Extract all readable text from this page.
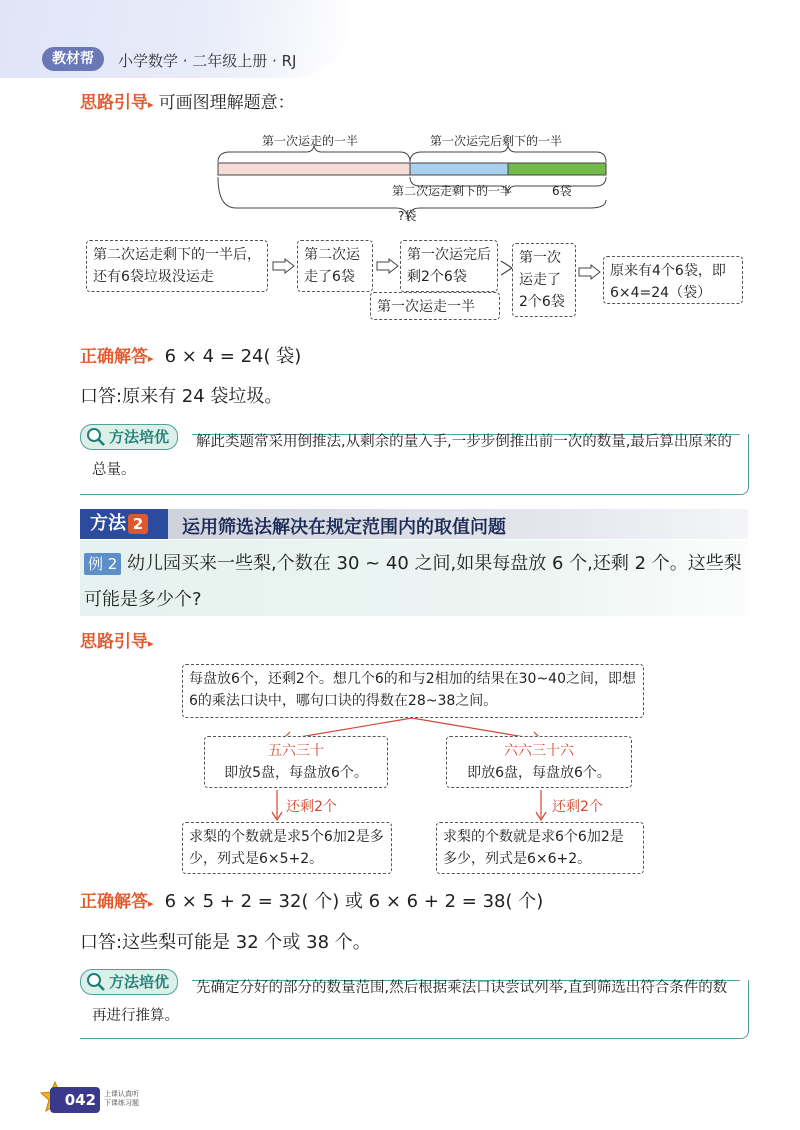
教材帮	小学数学 · 二年级上册 · RJ
思路引导▸ 可画图理解题意：
第一次运走的一半	第一次运完后剩下的一半
第二次运走剩下的一半	6袋
?袋
第二次运走剩下的一半后，还有6袋垃圾没运走
第二次运走了6袋
第一次运完后剩2个6袋
第一次运走一半
第一次运走了2个6袋
原来有4个6袋，即6×4=24（袋）
正确解答▸ 6 × 4 = 24( 袋)
口答:原来有 24 袋垃圾。
方法培优	解此类题常采用倒推法,从剩余的量入手,一步步倒推出前一次的数量,最后算出原来的总量。
方法 2	运用筛选法解决在规定范围内的取值问题
例 2 幼儿园买来一些梨,个数在 30 ~ 40 之间,如果每盘放 6 个,还剩 2 个。这些梨可能是多少个?
思路引导▸
每盘放6个，还剩2个。想几个6的和与2相加的结果在30~40之间，即想6的乘法口诀中，哪句口诀的得数在28~38之间。
五六三十
即放5盘，每盘放6个。
还剩2个
求梨的个数就是求5个6加2是多少，列式是6×5+2。
六六三十六
即放6盘，每盘放6个。
还剩2个
求梨的个数就是求6个6加2是多少，列式是6×6+2。
正确解答▸ 6 × 5 + 2 = 32( 个) 或 6 × 6 + 2 = 38( 个)
口答:这些梨可能是 32 个或 38 个。
方法培优	先确定分好的部分的数量范围,然后根据乘法口诀尝试列举,直到筛选出符合条件的数再进行推算。
042	上课认真听
下课练习题
